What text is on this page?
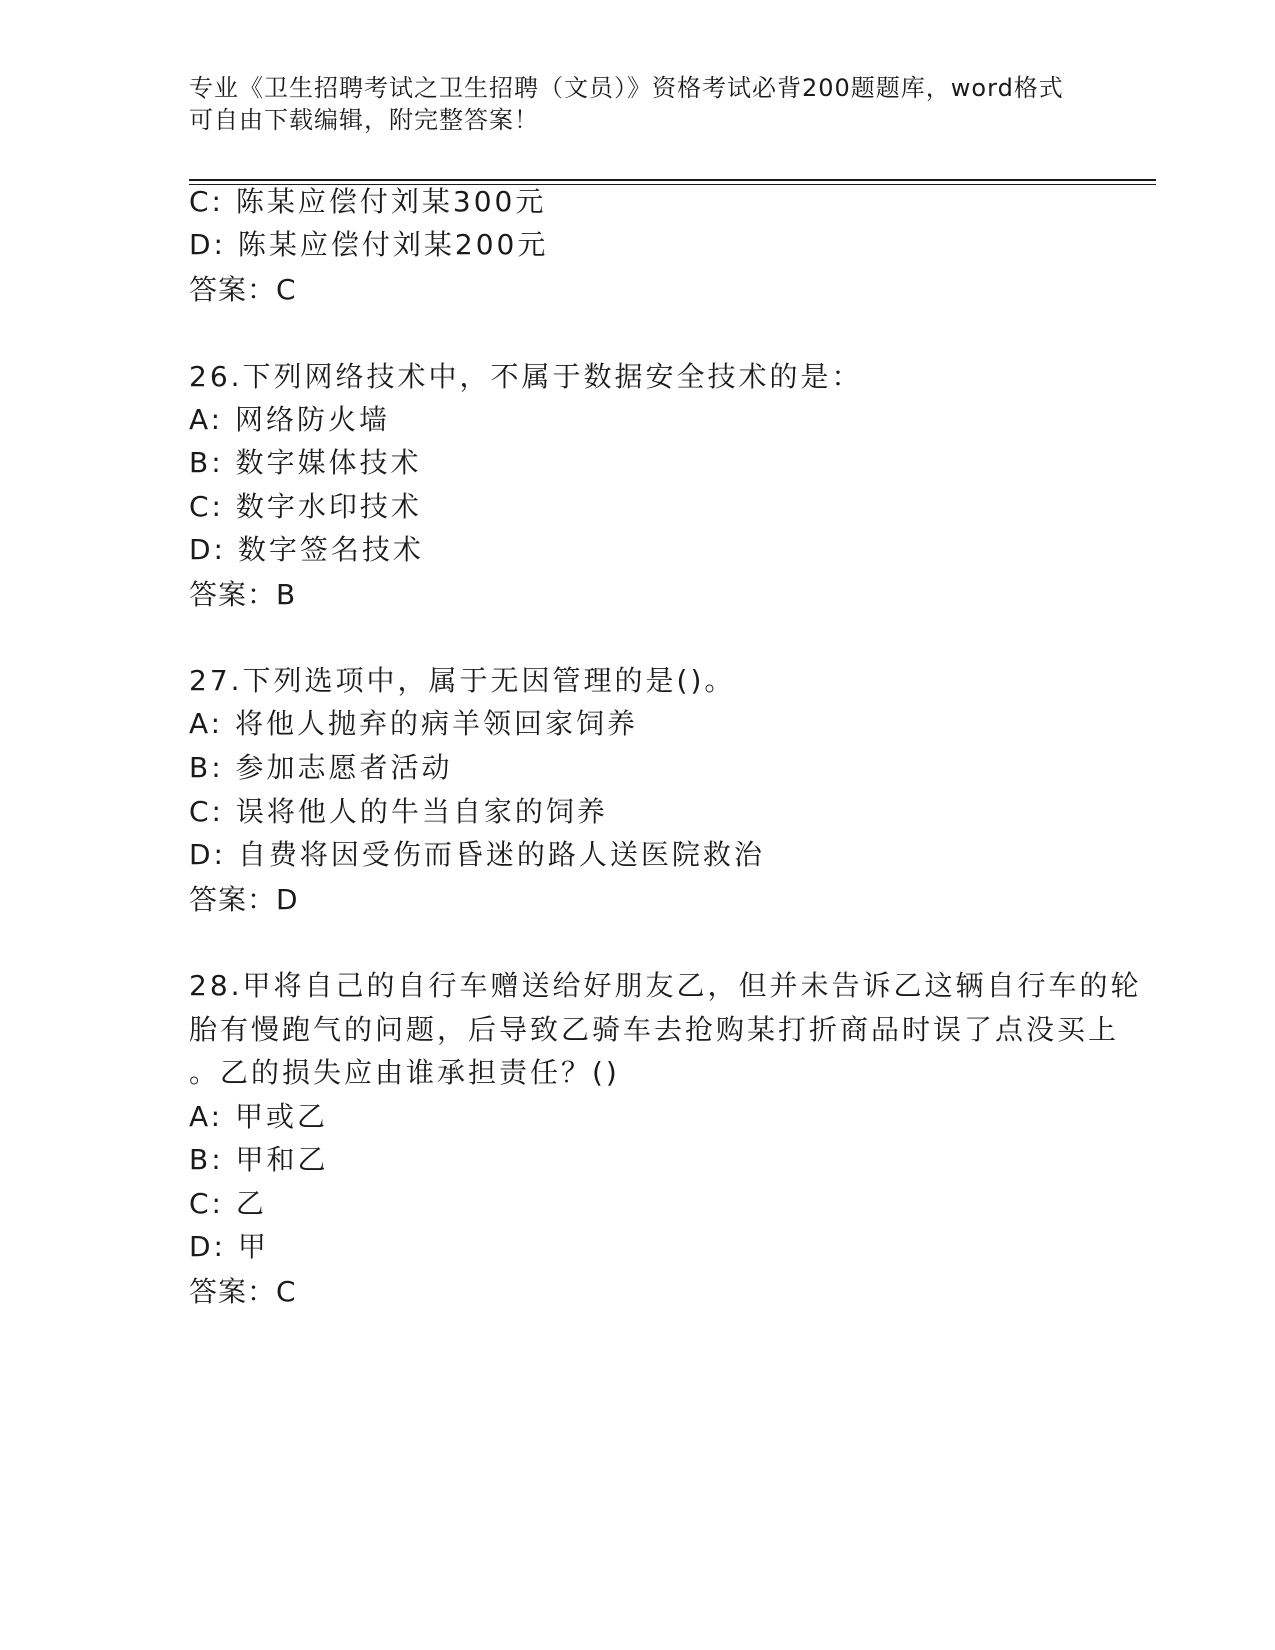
专业《卫生招聘考试之卫生招聘（文员）》资格考试必背200题题库，word格式
可自由下载编辑，附完整答案！
C: 陈某应偿付刘某300元
D: 陈某应偿付刘某200元
答案：C
26.下列网络技术中，不属于数据安全技术的是：
A: 网络防火墙
B: 数字媒体技术
C: 数字水印技术
D: 数字签名技术
答案：B
27.下列选项中，属于无因管理的是()。
A: 将他人抛弃的病羊领回家饲养
B: 参加志愿者活动
C: 误将他人的牛当自家的饲养
D: 自费将因受伤而昏迷的路人送医院救治
答案：D
28.甲将自己的自行车赠送给好朋友乙，但并未告诉乙这辆自行车的轮
胎有慢跑气的问题，后导致乙骑车去抢购某打折商品时误了点没买上
。乙的损失应由谁承担责任？()
A: 甲或乙
B: 甲和乙
C: 乙
D: 甲
答案：C
